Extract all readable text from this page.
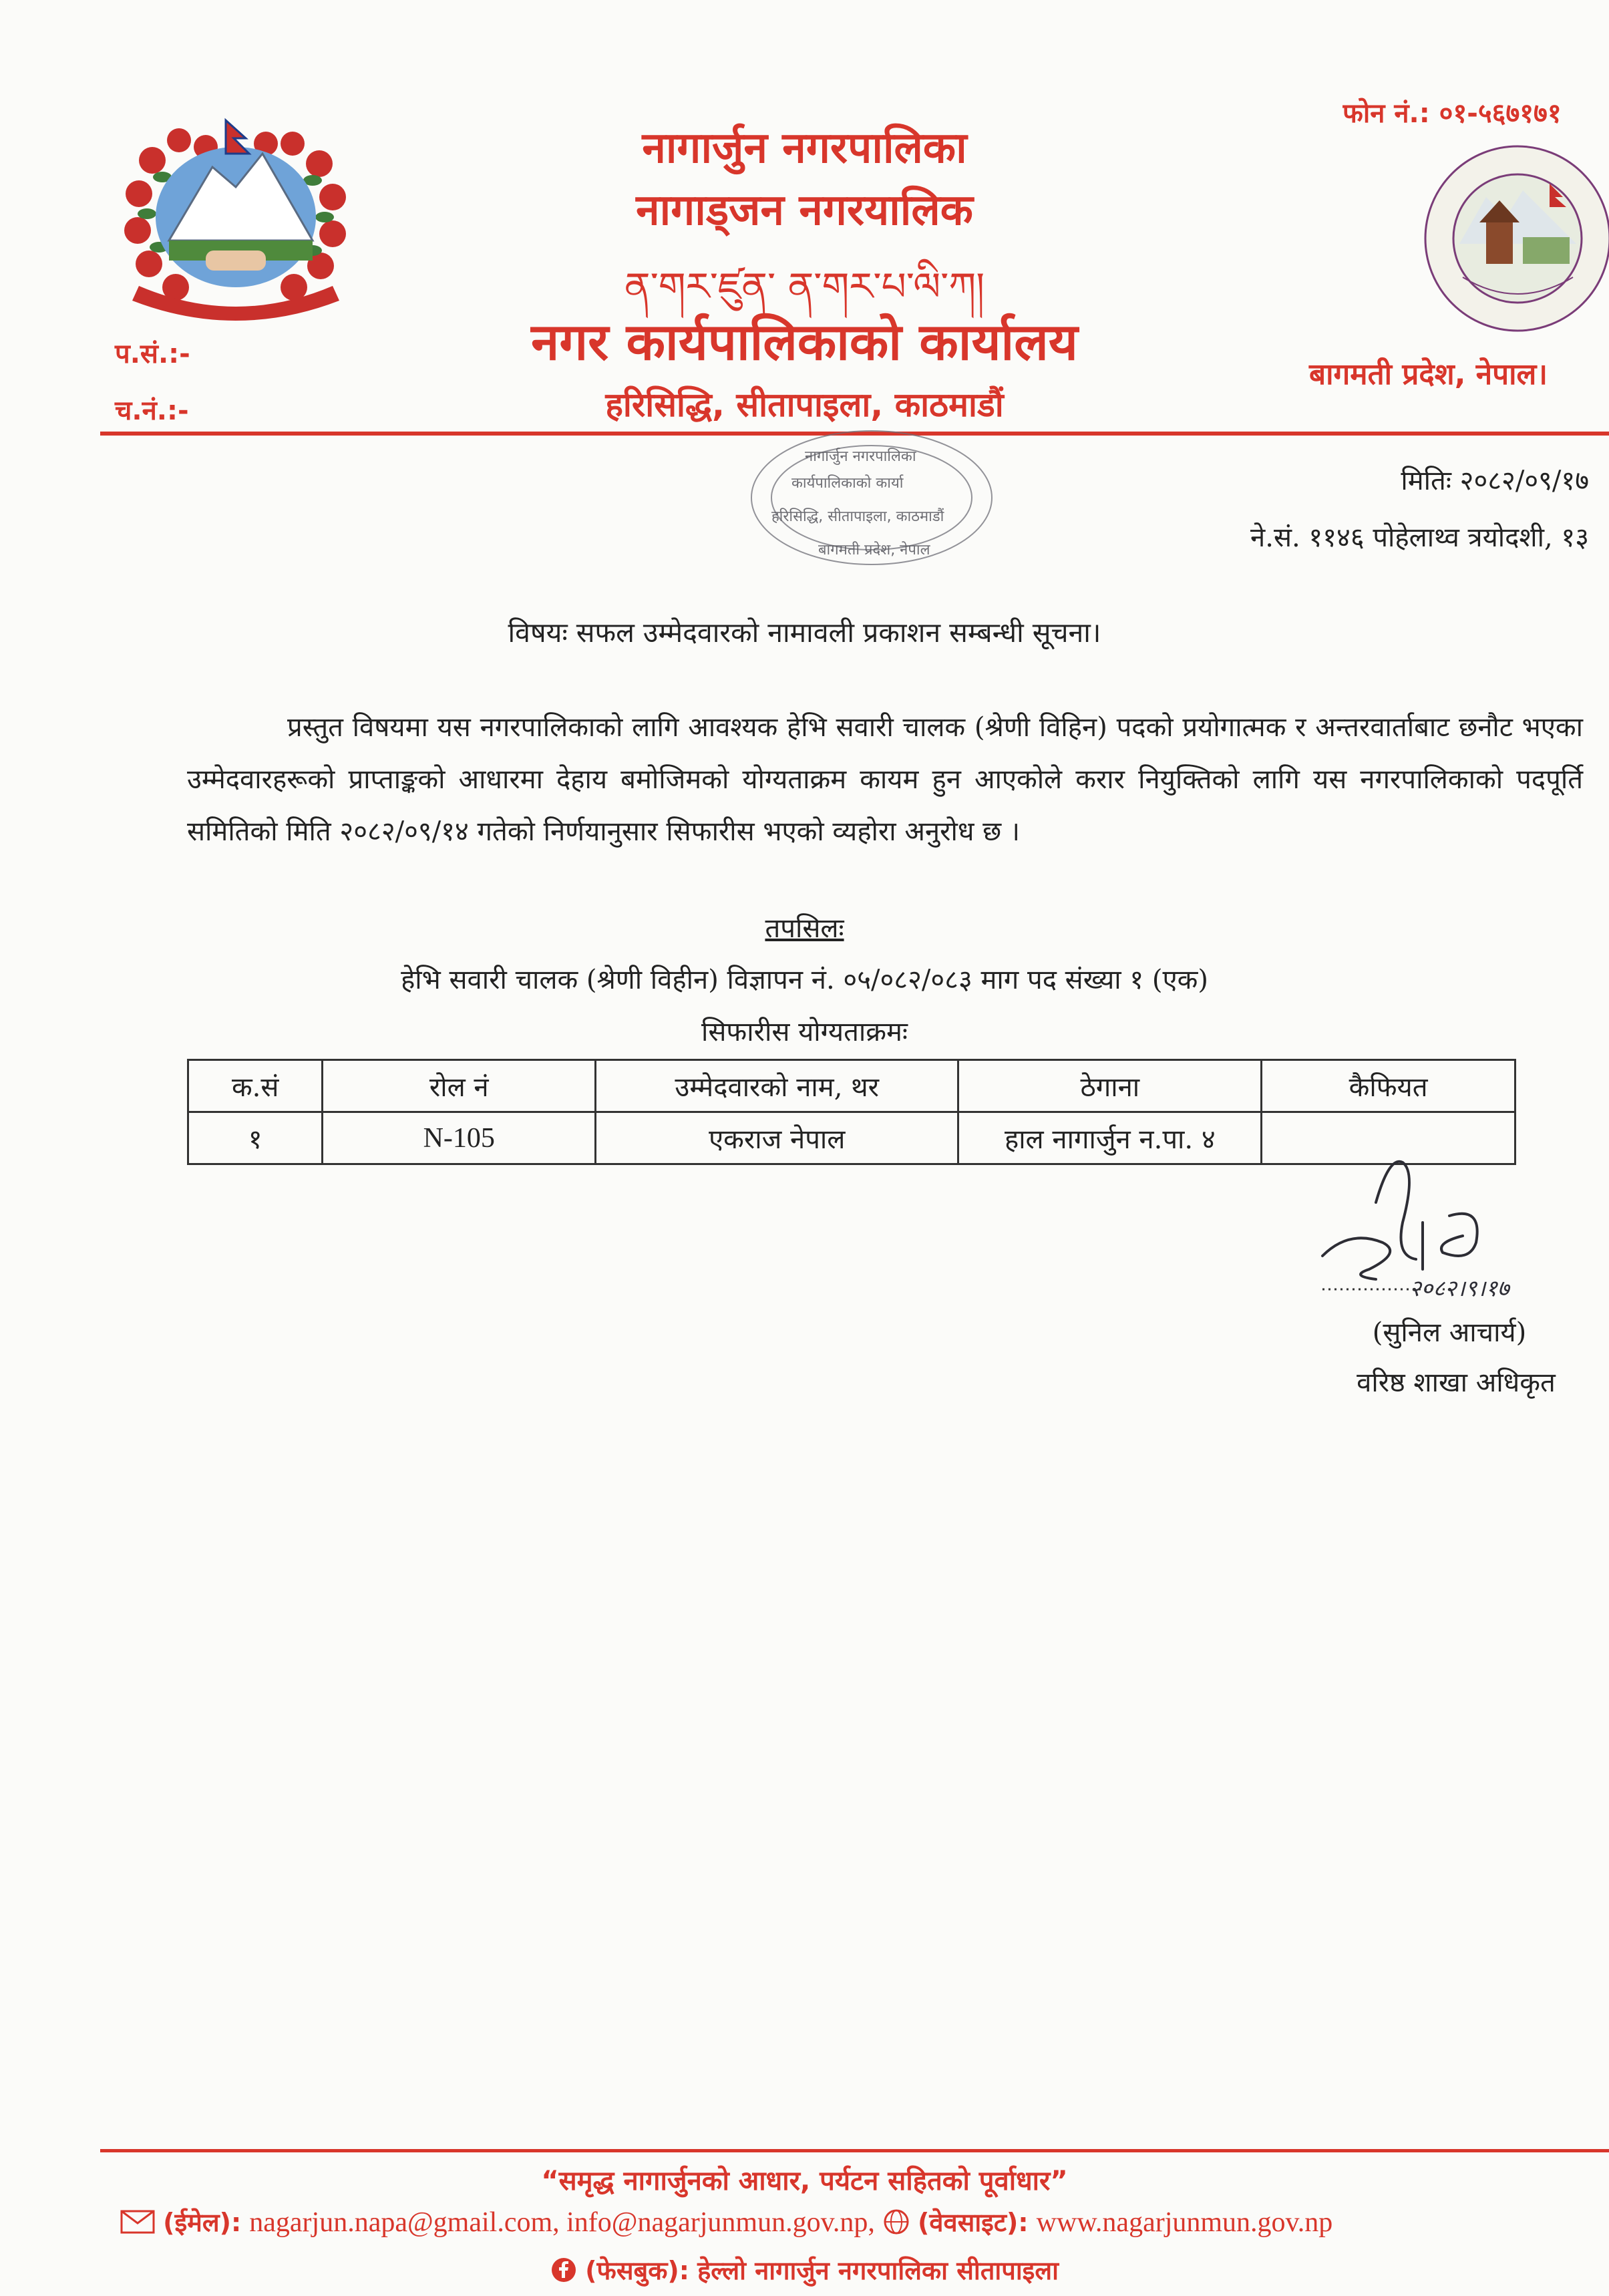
फोन नं.: ०१-५६७१७१
नागार्जुन नगरपालिका
नागाड्जन नगरयालिक
ན་གར་ཛུན་ ན་གར་པ་ལི་ཀ།
नगर कार्यपालिकाको कार्यालय
हरिसिद्धि, सीतापाइला, काठमाडौं
बागमती प्रदेश, नेपाल।
प.सं.:-
च.नं.:-
नागार्जुन नगरपालिका
कार्यपालिकाको कार्या
हरिसिद्धि, सीतापाइला, काठमाडौं
बागमती प्रदेश, नेपाल
मितिः २०८२/०९/१७
ने.सं. ११४६ पोहेलाथ्व त्रयोदशी, १३
विषयः सफल उम्मेदवारको नामावली प्रकाशन सम्बन्धी सूचना।
प्रस्तुत विषयमा यस नगरपालिकाको लागि आवश्यक हेभि सवारी चालक (श्रेणी विहिन) पदको प्रयोगात्मक र अन्तरवार्ताबाट छनौट भएका उम्मेदवारहरूको प्राप्ताङ्कको आधारमा देहाय बमोजिमको योग्यताक्रम कायम हुन आएकोले करार नियुक्तिको लागि यस नगरपालिकाको पदपूर्ति समितिको मिति २०८२/०९/१४ गतेको निर्णयानुसार सिफारीस भएको व्यहोरा अनुरोध छ ।
तपसिलः
हेभि सवारी चालक (श्रेणी विहीन) विज्ञापन नं. ०५/०८२/०८३ माग पद संख्या १ (एक)
सिफारीस योग्यताक्रमः
क.सं	रोल नं	उम्मेदवारको नाम, थर	ठेगाना	कैफियत
१	N-105	एकराज नेपाल	हाल नागार्जुन न.पा. ४	
२०८२।९।१७
(सुनिल आचार्य)
वरिष्ठ शाखा अधिकृत
“समृद्ध नागार्जुनको आधार, पर्यटन सहितको पूर्वाधार”
(ईमेल): nagarjun.napa@gmail.com, info@nagarjunmun.gov.np, (वेवसाइट): www.nagarjunmun.gov.np
(फेसबुक): हेल्लो नागार्जुन नगरपालिका सीतापाइला
